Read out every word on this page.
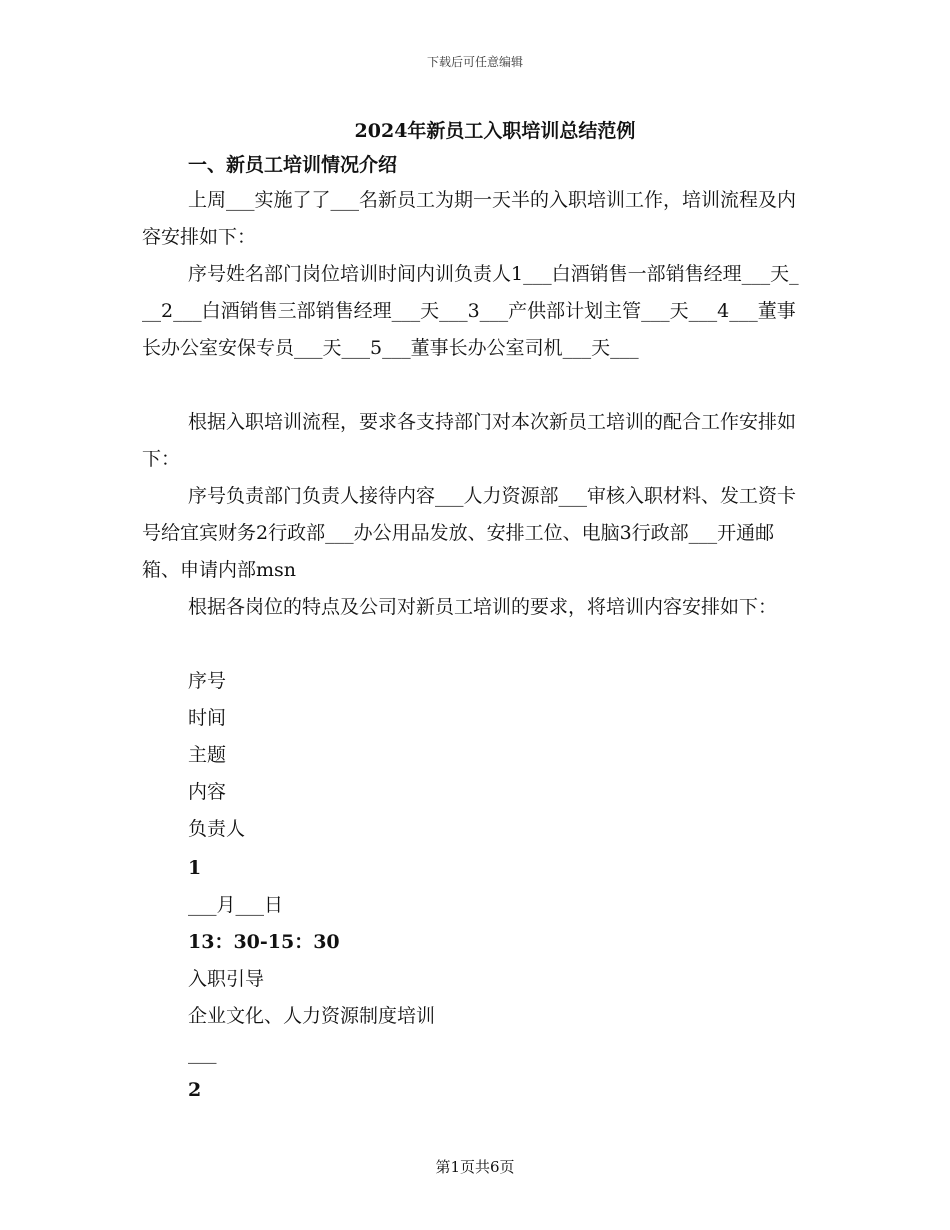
下载后可任意编辑
2024年新员工入职培训总结范例
一、新员工培训情况介绍
上周___实施了了___名新员工为期一天半的入职培训工作，培训流程及内容安排如下：
序号姓名部门岗位培训时间内训负责人1___白酒销售一部销售经理___天___2___白酒销售三部销售经理___天___3___产供部计划主管___天___4___董事长办公室安保专员___天___5___董事长办公室司机___天___
根据入职培训流程，要求各支持部门对本次新员工培训的配合工作安排如下：
序号负责部门负责人接待内容___人力资源部___审核入职材料、发工资卡号给宜宾财务2行政部___办公用品发放、安排工位、电脑3行政部___开通邮箱、申请内部msn
根据各岗位的特点及公司对新员工培训的要求，将培训内容安排如下：
序号
时间
主题
内容
负责人
1
___月___日
13：30-15：30
入职引导
企业文化、人力资源制度培训
___
2
第1页共6页
